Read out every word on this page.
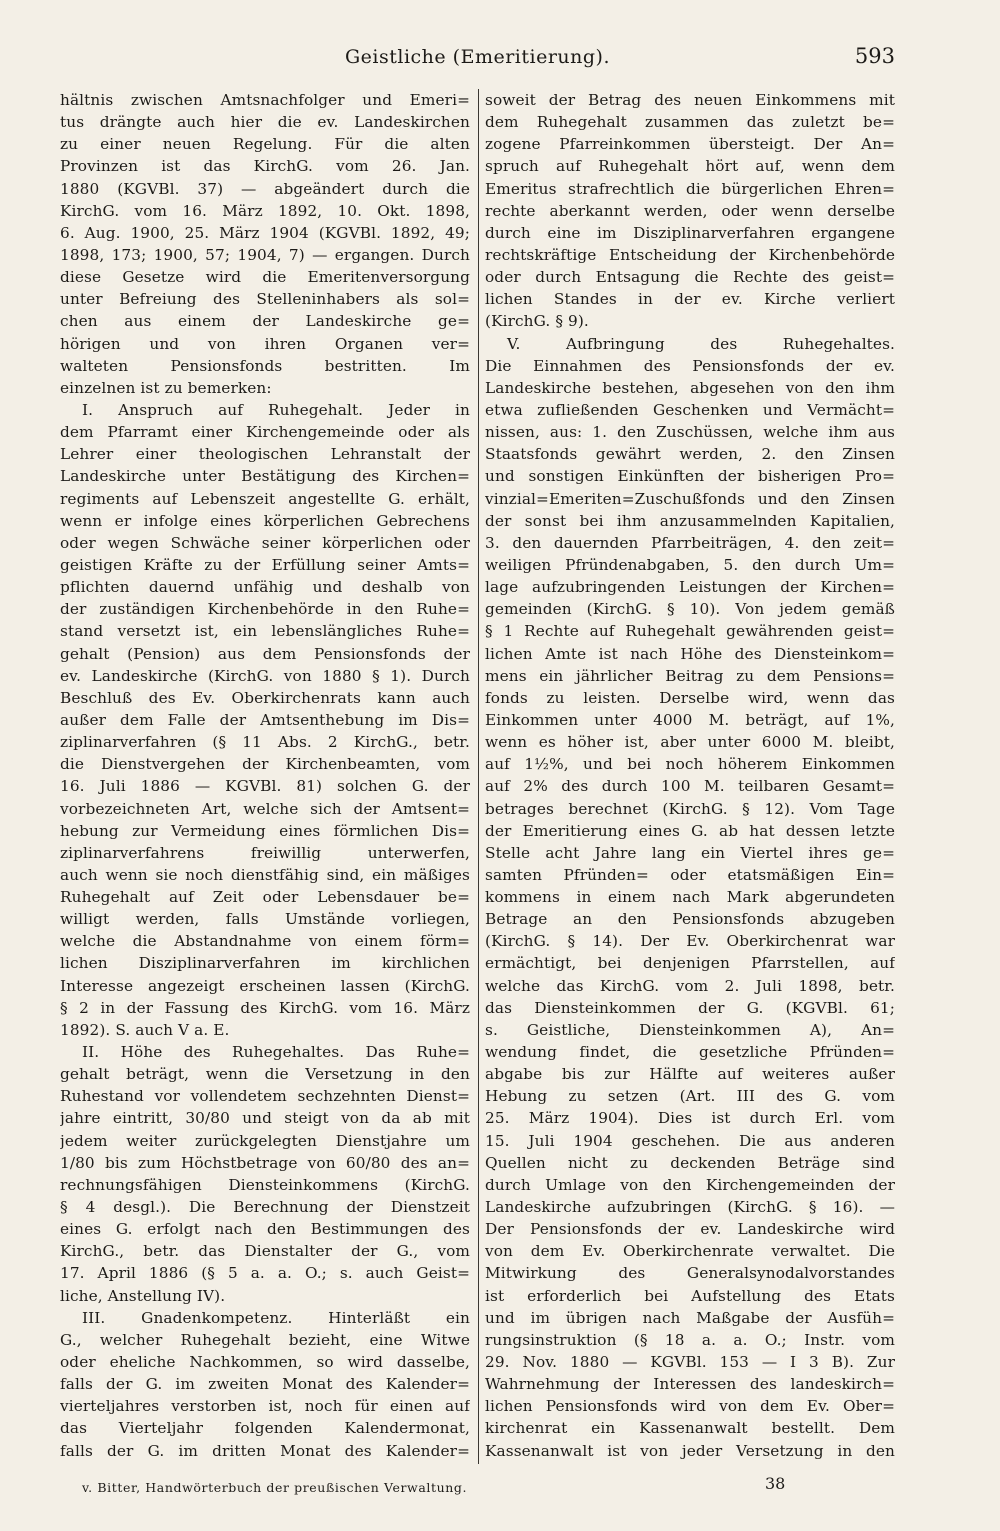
Geistliche (Emeritierung).	593
hältnis zwischen Amtsnachfolger und Emeri=
tus drängte auch hier die ev. Landeskirchen
zu einer neuen Regelung. Für die alten
Provinzen ist das KirchG. vom 26. Jan.
1880 (KGVBl. 37) — abgeändert durch die
KirchG. vom 16. März 1892, 10. Okt. 1898,
6. Aug. 1900, 25. März 1904 (KGVBl. 1892, 49;
1898, 173; 1900, 57; 1904, 7) — ergangen. Durch
diese Gesetze wird die Emeritenversorgung
unter Befreiung des Stelleninhabers als sol=
chen aus einem der Landeskirche ge=
hörigen und von ihren Organen ver=
walteten Pensionsfonds bestritten. Im
einzelnen ist zu bemerken:
I. Anspruch auf Ruhegehalt. Jeder in
dem Pfarramt einer Kirchengemeinde oder als
Lehrer einer theologischen Lehranstalt der
Landeskirche unter Bestätigung des Kirchen=
regiments auf Lebenszeit angestellte G. erhält,
wenn er infolge eines körperlichen Gebrechens
oder wegen Schwäche seiner körperlichen oder
geistigen Kräfte zu der Erfüllung seiner Amts=
pflichten dauernd unfähig und deshalb von
der zuständigen Kirchenbehörde in den Ruhe=
stand versetzt ist, ein lebenslängliches Ruhe=
gehalt (Pension) aus dem Pensionsfonds der
ev. Landeskirche (KirchG. von 1880 § 1). Durch
Beschluß des Ev. Oberkirchenrats kann auch
außer dem Falle der Amtsenthebung im Dis=
ziplinarverfahren (§ 11 Abs. 2 KirchG., betr.
die Dienstvergehen der Kirchenbeamten, vom
16. Juli 1886 — KGVBl. 81) solchen G. der
vorbezeichneten Art, welche sich der Amtsent=
hebung zur Vermeidung eines förmlichen Dis=
ziplinarverfahrens freiwillig unterwerfen,
auch wenn sie noch dienstfähig sind, ein mäßiges
Ruhegehalt auf Zeit oder Lebensdauer be=
willigt werden, falls Umstände vorliegen,
welche die Abstandnahme von einem förm=
lichen Disziplinarverfahren im kirchlichen
Interesse angezeigt erscheinen lassen (KirchG.
§ 2 in der Fassung des KirchG. vom 16. März
1892). S. auch V a. E.
II. Höhe des Ruhegehaltes. Das Ruhe=
gehalt beträgt, wenn die Versetzung in den
Ruhestand vor vollendetem sechzehnten Dienst=
jahre eintritt, 30/80 und steigt von da ab mit
jedem weiter zurückgelegten Dienstjahre um
1/80 bis zum Höchstbetrage von 60/80 des an=
rechnungsfähigen Diensteinkommens (KirchG.
§ 4 desgl.). Die Berechnung der Dienstzeit
eines G. erfolgt nach den Bestimmungen des
KirchG., betr. das Dienstalter der G., vom
17. April 1886 (§ 5 a. a. O.; s. auch Geist=
liche, Anstellung IV).
III. Gnadenkompetenz. Hinterläßt ein
G., welcher Ruhegehalt bezieht, eine Witwe
oder eheliche Nachkommen, so wird dasselbe,
falls der G. im zweiten Monat des Kalender=
vierteljahres verstorben ist, noch für einen auf
das Vierteljahr folgenden Kalendermonat,
falls der G. im dritten Monat des Kalender=
soweit der Betrag des neuen Einkommens mit
dem Ruhegehalt zusammen das zuletzt be=
zogene Pfarreinkommen übersteigt. Der An=
spruch auf Ruhegehalt hört auf, wenn dem
Emeritus strafrechtlich die bürgerlichen Ehren=
rechte aberkannt werden, oder wenn derselbe
durch eine im Disziplinarverfahren ergangene
rechtskräftige Entscheidung der Kirchenbehörde
oder durch Entsagung die Rechte des geist=
lichen Standes in der ev. Kirche verliert
(KirchG. § 9).
V. Aufbringung des Ruhegehaltes.
Die Einnahmen des Pensionsfonds der ev.
Landeskirche bestehen, abgesehen von den ihm
etwa zufließenden Geschenken und Vermächt=
nissen, aus: 1. den Zuschüssen, welche ihm aus
Staatsfonds gewährt werden, 2. den Zinsen
und sonstigen Einkünften der bisherigen Pro=
vinzial=Emeriten=Zuschußfonds und den Zinsen
der sonst bei ihm anzusammelnden Kapitalien,
3. den dauernden Pfarrbeiträgen, 4. den zeit=
weiligen Pfründenabgaben, 5. den durch Um=
lage aufzubringenden Leistungen der Kirchen=
gemeinden (KirchG. § 10). Von jedem gemäß
§ 1 Rechte auf Ruhegehalt gewährenden geist=
lichen Amte ist nach Höhe des Diensteinkom=
mens ein jährlicher Beitrag zu dem Pensions=
fonds zu leisten. Derselbe wird, wenn das
Einkommen unter 4000 M. beträgt, auf 1%,
wenn es höher ist, aber unter 6000 M. bleibt,
auf 1½%, und bei noch höherem Einkommen
auf 2% des durch 100 M. teilbaren Gesamt=
betrages berechnet (KirchG. § 12). Vom Tage
der Emeritierung eines G. ab hat dessen letzte
Stelle acht Jahre lang ein Viertel ihres ge=
samten Pfründen= oder etatsmäßigen Ein=
kommens in einem nach Mark abgerundeten
Betrage an den Pensionsfonds abzugeben
(KirchG. § 14). Der Ev. Oberkirchenrat war
ermächtigt, bei denjenigen Pfarrstellen, auf
welche das KirchG. vom 2. Juli 1898, betr.
das Diensteinkommen der G. (KGVBl. 61;
s. Geistliche, Diensteinkommen A), An=
wendung findet, die gesetzliche Pfründen=
abgabe bis zur Hälfte auf weiteres außer
Hebung zu setzen (Art. III des G. vom
25. März 1904). Dies ist durch Erl. vom
15. Juli 1904 geschehen. Die aus anderen
Quellen nicht zu deckenden Beträge sind
durch Umlage von den Kirchengemeinden der
Landeskirche aufzubringen (KirchG. § 16). —
Der Pensionsfonds der ev. Landeskirche wird
von dem Ev. Oberkirchenrate verwaltet. Die
Mitwirkung des Generalsynodalvorstandes
ist erforderlich bei Aufstellung des Etats
und im übrigen nach Maßgabe der Ausfüh=
rungsinstruktion (§ 18 a. a. O.; Instr. vom
29. Nov. 1880 — KGVBl. 153 — I 3 B). Zur
Wahrnehmung der Interessen des landeskirch=
lichen Pensionsfonds wird von dem Ev. Ober=
kirchenrat ein Kassenanwalt bestellt. Dem
Kassenanwalt ist von jeder Versetzung in den
v. Bitter, Handwörterbuch der preußischen Verwaltung.	38
